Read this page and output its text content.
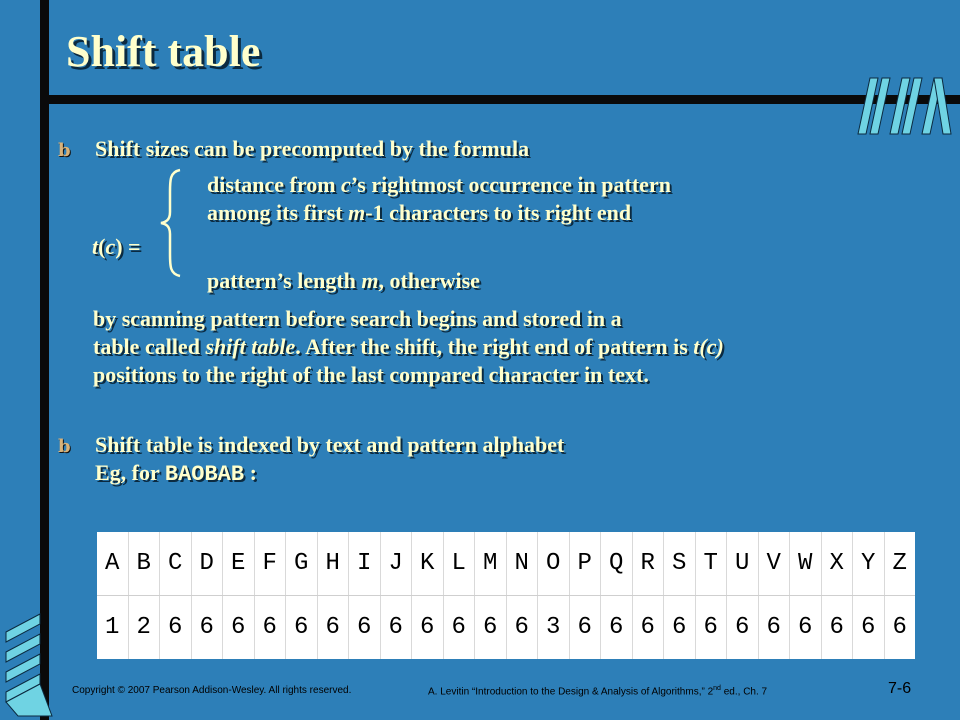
Shift table
b	Shift sizes can be precomputed by the formula
distance from c’s rightmost occurrence in pattern
among its first m-1 characters to its right end
t(c) =
pattern’s length m, otherwise
by scanning pattern before search begins and stored in a
table called shift table. After the shift, the right end of pattern is t(c)
positions to the right of the last compared character in text.
b	Shift table is indexed by text and pattern alphabet
Eg, for BAOBAB :
A	B	C	D	E	F	G	H	I	J	K	L	M	N	O	P	Q	R	S	T	U	V	W	X	Y	Z
1	2	6	6	6	6	6	6	6	6	6	6	6	6	3	6	6	6	6	6	6	6	6	6	6	6
Copyright © 2007 Pearson Addison-Wesley. All rights reserved.	A. Levitin “Introduction to the Design & Analysis of Algorithms,” 2nd ed., Ch. 7	7-6
